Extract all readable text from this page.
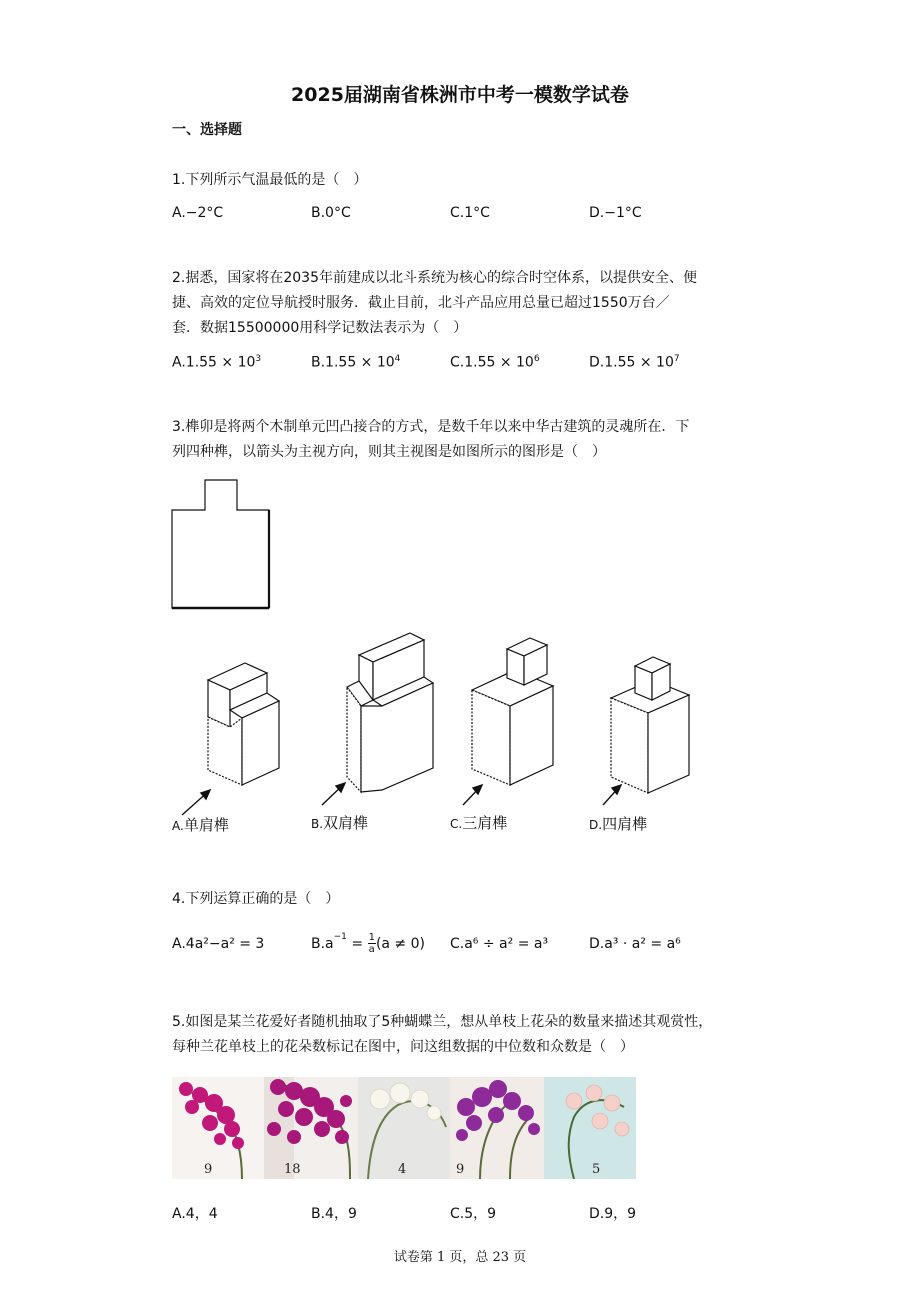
2025届湖南省株洲市中考一模数学试卷
一、选择题
1.下列所示气温最低的是（　）
A.−2°C	B.0°C	C.1°C	D.−1°C
2.据悉，国家将在2035年前建成以北斗系统为核心的综合时空体系，以提供安全、便
捷、高效的定位导航授时服务．截止目前，北斗产品应用总量已超过1550万台／
套．数据15500000用科学记数法表示为（　）
$A.1.55 \times 10^3$	$B.1.55 \times 10^4$	$C.1.55 \times 10^6$	$D.1.55 \times 10^7$
3.榫卯是将两个木制单元凹凸接合的方式，是数千年以来中华古建筑的灵魂所在．下
列四种榫，以箭头为主视方向，则其主视图是如图所示的图形是（　）
A.单肩榫	B.双肩榫	C.三肩榫	D.四肩榫
4.下列运算正确的是（　）
A.4a²−a² = 3	$B.a^{-1} = \frac{1}{a} (a \ne 0) C.a^6 \div a^2 = a^3$	D.a³ · a² = a⁶
5.如图是某兰花爱好者随机抽取了5种蝴蝶兰，想从单枝上花朵的数量来描述其观赏性，
每种兰花单枝上的花朵数标记在图中，问这组数据的中位数和众数是（　）
9	18	4	9	5
A.4，4	B.4，9	C.5，9	D.9，9
试卷第 1 页，总 23 页
